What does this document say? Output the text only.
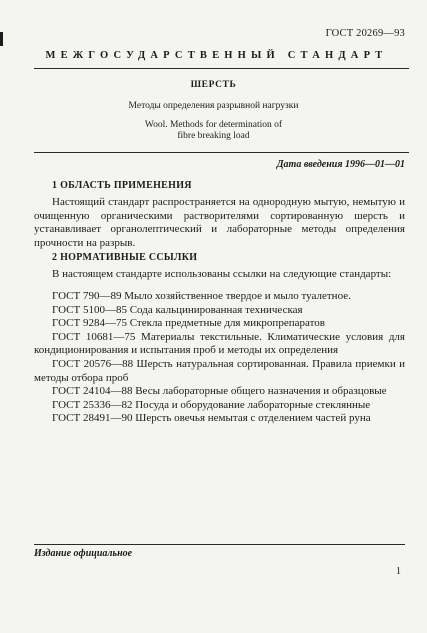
ГОСТ 20269—93
МЕЖГОСУДАРСТВЕННЫЙ СТАНДАРТ
ШЕРСТЬ
Методы определения разрывной нагрузки
Wool. Methods for determination of
fibre breaking load
Дата введения 1996—01—01
1 ОБЛАСТЬ ПРИМЕНЕНИЯ
Настоящий стандарт распространяется на однородную мытую, немытую и очищенную органическими растворителями сортированную шерсть и устанавливает органолептический и лабораторные методы определения прочности на разрыв.
2 НОРМАТИВНЫЕ ССЫЛКИ
В настоящем стандарте использованы ссылки на следующие стандарты:

ГОСТ 790—89 Мыло хозяйственное твердое и мыло туалетное.

ГОСТ 5100—85 Сода кальцинированная техническая

ГОСТ 9284—75 Стекла предметные для микропрепаратов

ГОСТ 10681—75 Материалы текстильные. Климатические условия для кондиционирования и испытания проб и методы их определения

ГОСТ 20576—88 Шерсть натуральная сортированная. Правила приемки и методы отбора проб

ГОСТ 24104—88 Весы лабораторные общего назначения и образцовые

ГОСТ 25336—82 Посуда и оборудование лабораторные стеклянные

ГОСТ 28491—90 Шерсть овечья немытая с отделением частей руна

Издание официальное
1
